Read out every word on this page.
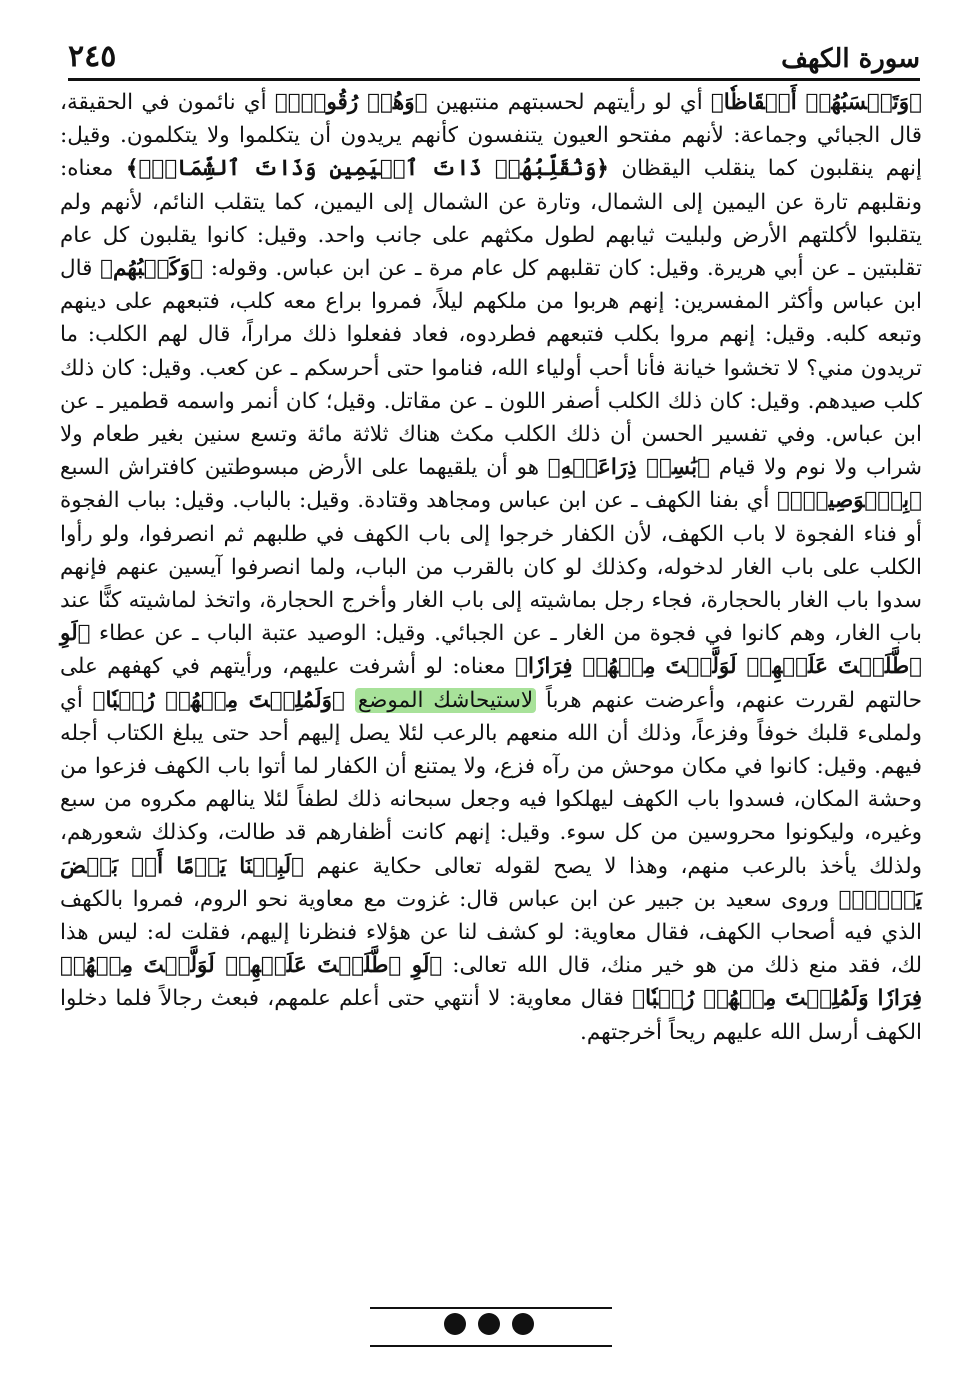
٢٤٥	سورة الكهف

﴿وَتَحۡسَبُهُمۡ أَيۡقَاظٗا﴾ أي لو رأيتهم لحسبتهم منتبهين ﴿وَهُمۡ رُقُودٞۚ﴾ أي نائمون في الحقيقة، قال الجبائي وجماعة: لأنهم مفتحو العيون يتنفسون كأنهم يريدون أن يتكلموا ولا يتكلمون. وقيل: إنهم ينقلبون كما ينقلب اليقظان ﴿وَنُقَلِّبُهُمۡ ذَاتَ ٱلۡيَمِينِ وَذَاتَ ٱلشِّمَالِۖ﴾ معناه: ونقلبهم تارة عن اليمين إلى الشمال، وتارة عن الشمال إلى اليمين، كما يتقلب النائم، لأنهم ولم يتقلبوا لأكلتهم الأرض ولبليت ثيابهم لطول مكثهم على جانب واحد. وقيل: كانوا يقلبون كل عام تقلبتين ـ عن أبي هريرة. وقيل: كان تقلبهم كل عام مرة ـ عن ابن عباس. وقوله: ﴿وَكَلۡبُهُم﴾ قال ابن عباس وأكثر المفسرين: إنهم هربوا من ملكهم ليلاً، فمروا براع معه كلب، فتبعهم على دينهم وتبعه كلبه. وقيل: إنهم مروا بكلب فتبعهم فطردوه، فعاد ففعلوا ذلك مراراً، قال لهم الكلب: ما تريدون مني؟ لا تخشوا خيانة فأنا أحب أولياء الله، فناموا حتى أحرسكم ـ عن كعب. وقيل: كان ذلك كلب صيدهم. وقيل: كان ذلك الكلب أصفر اللون ـ عن مقاتل. وقيل؛ كان أنمر واسمه قطمير ـ عن ابن عباس. وفي تفسير الحسن أن ذلك الكلب مكث هناك ثلاثة مائة وتسع سنين بغير طعام ولا شراب ولا نوم ولا قيام ﴿بَٰسِطٞ ذِرَاعَيۡهِ﴾ هو أن يلقيهما على الأرض مبسوطتين كافتراش السبع ﴿بِٱلۡوَصِيدِۚ﴾ أي بفنا الكهف ـ عن ابن عباس ومجاهد وقتادة. وقيل: بالباب. وقيل: بباب الفجوة أو فناء الفجوة لا باب الكهف، لأن الكفار خرجوا إلى باب الكهف في طلبهم ثم انصرفوا، ولو رأوا الكلب على باب الغار لدخوله، وكذلك لو كان بالقرب من الباب، ولما انصرفوا آيسين عنهم فإنهم سدوا باب الغار بالحجارة، فجاء رجل بماشيته إلى باب الغار وأخرج الحجارة، واتخذ لماشيته كنًّا عند باب الغار، وهم كانوا في فجوة من الغار ـ عن الجبائي. وقيل: الوصيد عتبة الباب ـ عن عطاء ﴿لَوِ ٱطَّلَعۡتَ عَلَيۡهِمۡ لَوَلَّيۡتَ مِنۡهُمۡ فِرَارٗا﴾ معناه: لو أشرفت عليهم، ورأيتهم في كهفهم على حالتهم لقررت عنهم، وأعرضت عنهم هرباً لاستيحاشك الموضع ﴿وَلَمُلِئۡتَ مِنۡهُمۡ رُعۡبٗا﴾ أي ولملىء قلبك خوفاً وفزعاً، وذلك أن الله منعهم بالرعب لئلا يصل إليهم أحد حتى يبلغ الكتاب أجله فيهم. وقيل: كانوا في مكان موحش من رآه فزع، ولا يمتنع أن الكفار لما أتوا باب الكهف فزعوا من وحشة المكان، فسدوا باب الكهف ليهلكوا فيه وجعل سبحانه ذلك لطفاً لئلا ينالهم مكروه من سبع وغيره، وليكونوا محروسين من كل سوء. وقيل: إنهم كانت أظفارهم قد طالت، وكذلك شعورهم، ولذلك يأخذ بالرعب منهم، وهذا لا يصح لقوله تعالى حكاية عنهم ﴿لَبِثۡنَا يَوۡمًا أَوۡ بَعۡضَ يَوۡمٖۚ﴾ وروى سعيد بن جبير عن ابن عباس قال: غزوت مع معاوية نحو الروم، فمروا بالكهف الذي فيه أصحاب الكهف، فقال معاوية: لو كشف لنا عن هؤلاء فنظرنا إليهم، فقلت له: ليس هذا لك، فقد منع ذلك من هو خير منك، قال الله تعالى: ﴿لَوِ ٱطَّلَعۡتَ عَلَيۡهِمۡ لَوَلَّيۡتَ مِنۡهُمۡ فِرَارٗا وَلَمُلِئۡتَ مِنۡهُمۡ رُعۡبٗا﴾ فقال معاوية: لا أنتهي حتى أعلم علمهم، فبعث رجالاً فلما دخلوا الكهف أرسل الله عليهم ريحاً أخرجتهم.
